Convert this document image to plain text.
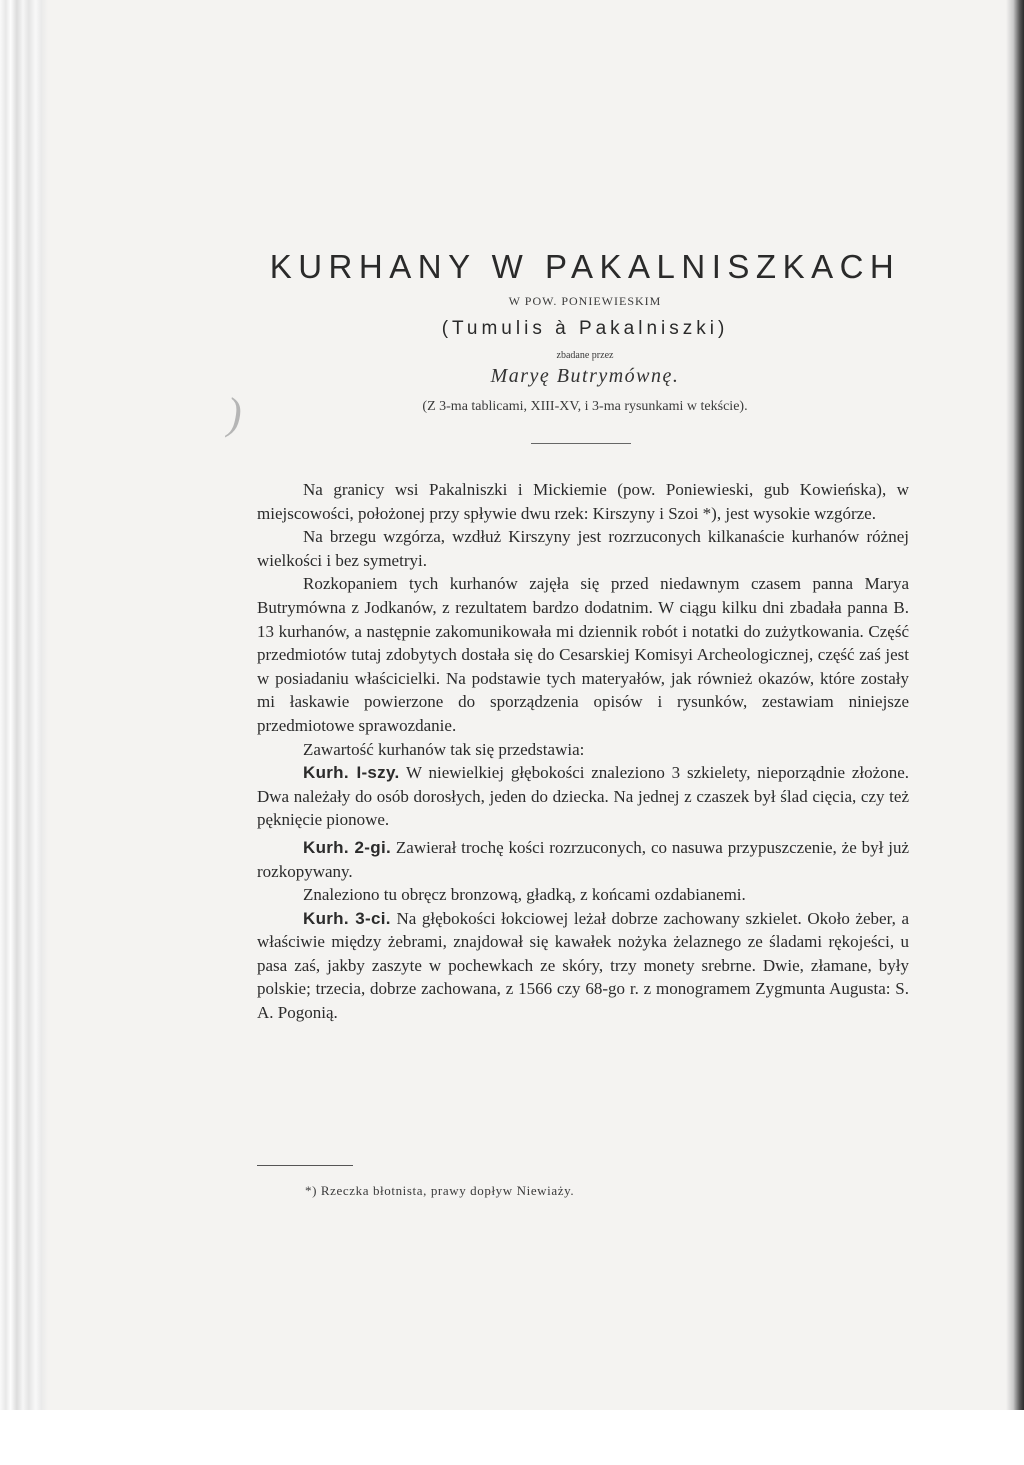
)
KURHANY W PAKALNISZKACH
W POW. PONIEWIESKIM
(Tumulis à Pakalniszki)
zbadane przez
Maryę Butrymównę.
(Z 3-ma tablicami, XIII-XV, i 3-ma rysunkami w tekście).

Na granicy wsi Pakalniszki i Mickiemie (pow. Poniewieski, gub Kowieńska), w miejscowości, położonej przy spływie dwu rzek: Kirszyny i Szoi *), jest wysokie wzgórze.

Na brzegu wzgórza, wzdłuż Kirszyny jest rozrzuconych kilkanaście kurhanów różnej wielkości i bez symetryi.

Rozkopaniem tych kurhanów zajęła się przed niedawnym czasem panna Marya Butrymówna z Jodkanów, z rezultatem bardzo dodatnim. W ciągu kilku dni zbadała panna B. 13 kurhanów, a następnie zakomunikowała mi dziennik robót i notatki do zużytkowania. Część przedmiotów tutaj zdobytych dostała się do Cesarskiej Komisyi Archeologicznej, część zaś jest w posiadaniu właścicielki. Na podstawie tych materyałów, jak również okazów, które zostały mi łaskawie powierzone do sporządzenia opisów i rysunków, zestawiam niniejsze przedmiotowe sprawozdanie.

Zawartość kurhanów tak się przedstawia:

Kurh. I-szy. W niewielkiej głębokości znaleziono 3 szkielety, nieporządnie złożone. Dwa należały do osób dorosłych, jeden do dziecka. Na jednej z czaszek był ślad cięcia, czy też pęknięcie pionowe.

Kurh. 2-gi. Zawierał trochę kości rozrzuconych, co nasuwa przypuszczenie, że był już rozkopywany.

Znaleziono tu obręcz bronzową, gładką, z końcami ozdabianemi.

Kurh. 3-ci. Na głębokości łokciowej leżał dobrze zachowany szkielet. Około żeber, a właściwie między żebrami, znajdował się kawałek nożyka żelaznego ze śladami rękojeści, u pasa zaś, jakby zaszyte w pochewkach ze skóry, trzy monety srebrne. Dwie, złamane, były polskie; trzecia, dobrze zachowana, z 1566 czy 68-go r. z monogramem Zygmunta Augusta: S. A. Pogonią.

*) Rzeczka błotnista, prawy dopływ Niewiaży.
